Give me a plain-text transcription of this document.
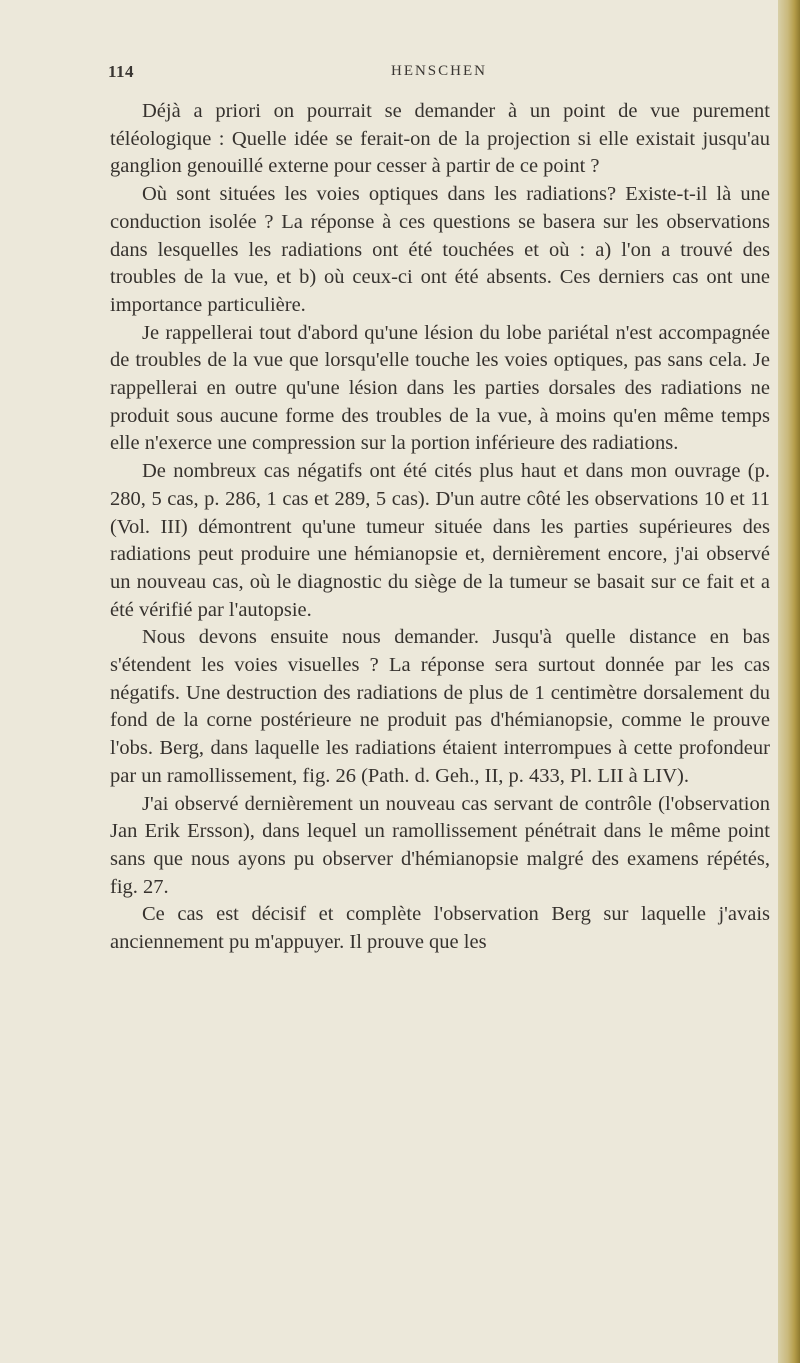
114	HENSCHEN

Déjà a priori on pourrait se demander à un point de vue purement téléologique : Quelle idée se ferait-on de la projection si elle existait jusqu'au ganglion genouillé externe pour cesser à partir de ce point ?

Où sont situées les voies optiques dans les radiations? Existe-t-il là une conduction isolée ? La réponse à ces questions se basera sur les observations dans lesquelles les radiations ont été touchées et où : a) l'on a trouvé des troubles de la vue, et b) où ceux-ci ont été absents. Ces derniers cas ont une importance particulière.

Je rappellerai tout d'abord qu'une lésion du lobe pariétal n'est accompagnée de troubles de la vue que lorsqu'elle touche les voies optiques, pas sans cela. Je rappellerai en outre qu'une lésion dans les parties dorsales des radiations ne produit sous aucune forme des troubles de la vue, à moins qu'en même temps elle n'exerce une compression sur la portion inférieure des radiations.

De nombreux cas négatifs ont été cités plus haut et dans mon ouvrage (p. 280, 5 cas, p. 286, 1 cas et 289, 5 cas). D'un autre côté les observations 10 et 11 (Vol. III) démontrent qu'une tumeur située dans les parties supérieures des radiations peut produire une hémianopsie et, dernièrement encore, j'ai observé un nouveau cas, où le diagnostic du siège de la tumeur se basait sur ce fait et a été vérifié par l'autopsie.

Nous devons ensuite nous demander. Jusqu'à quelle distance en bas s'étendent les voies visuelles ? La réponse sera surtout donnée par les cas négatifs. Une destruction des radiations de plus de 1 centimètre dorsalement du fond de la corne postérieure ne produit pas d'hémianopsie, comme le prouve l'obs. Berg, dans laquelle les radiations étaient interrompues à cette profondeur par un ramollissement, fig. 26 (Path. d. Geh., II, p. 433, Pl. LII à LIV).

J'ai observé dernièrement un nouveau cas servant de contrôle (l'observation Jan Erik Ersson), dans lequel un ramollissement pénétrait dans le même point sans que nous ayons pu observer d'hémianopsie malgré des examens répétés, fig. 27.

Ce cas est décisif et complète l'observation Berg sur laquelle j'avais anciennement pu m'appuyer. Il prouve que les
